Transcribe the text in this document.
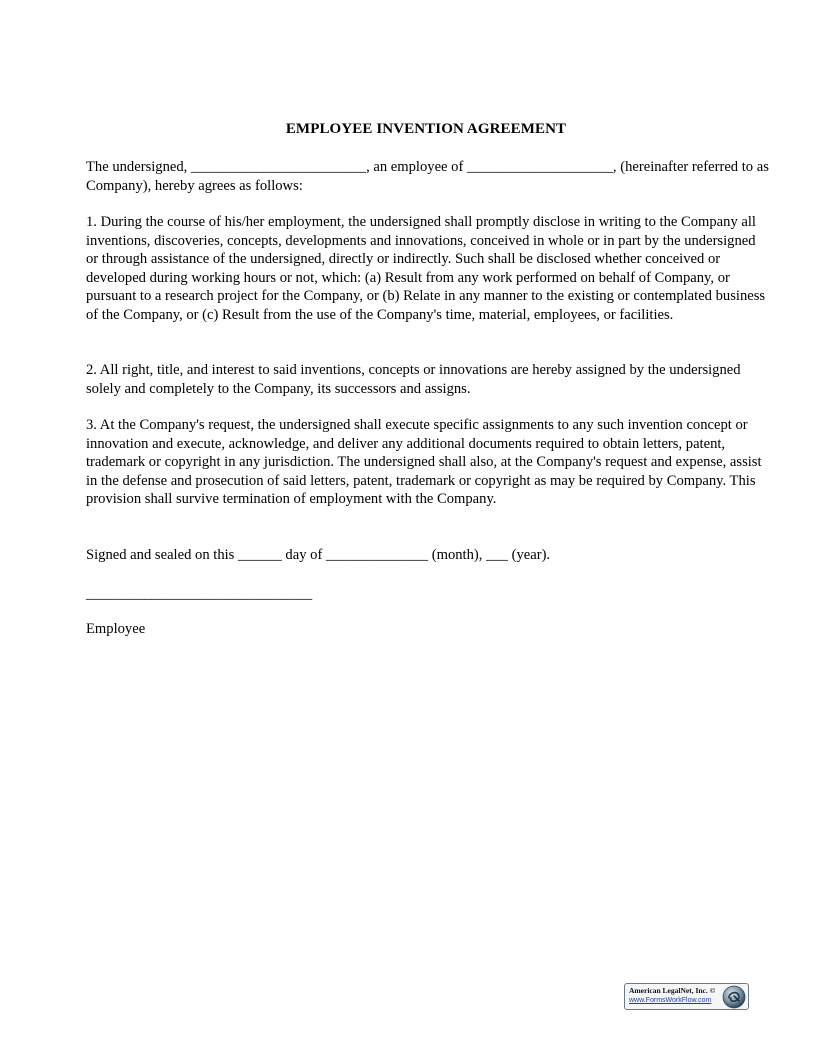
EMPLOYEE INVENTION AGREEMENT
The undersigned, ________________________, an employee of ____________________, (hereinafter referred to as Company), hereby agrees as follows:
1. During the course of his/her employment, the undersigned shall promptly disclose in writing to the Company all inventions, discoveries, concepts, developments and innovations, conceived in whole or in part by the undersigned or through assistance of the undersigned, directly or indirectly. Such shall be disclosed whether conceived or developed during working hours or not, which: (a) Result from any work performed on behalf of Company, or pursuant to a research project for the Company, or (b) Relate in any manner to the existing or contemplated business of the Company, or (c) Result from the use of the Company's time, material, employees, or facilities.
2. All right, title, and interest to said inventions, concepts or innovations are hereby assigned by the undersigned solely and completely to the Company, its successors and assigns.
3. At the Company's request, the undersigned shall execute specific assignments to any such invention concept or innovation and execute, acknowledge, and deliver any additional documents required to obtain letters, patent, trademark or copyright in any jurisdiction. The undersigned shall also, at the Company's request and expense, assist in the defense and prosecution of said letters, patent, trademark or copyright as may be required by Company. This provision shall survive termination of employment with the Company.
Signed and sealed on this ______ day of ______________ (month), ___ (year).
_______________________________
Employee
American LegalNet, Inc. ©
www.FormsWorkFlow.com
